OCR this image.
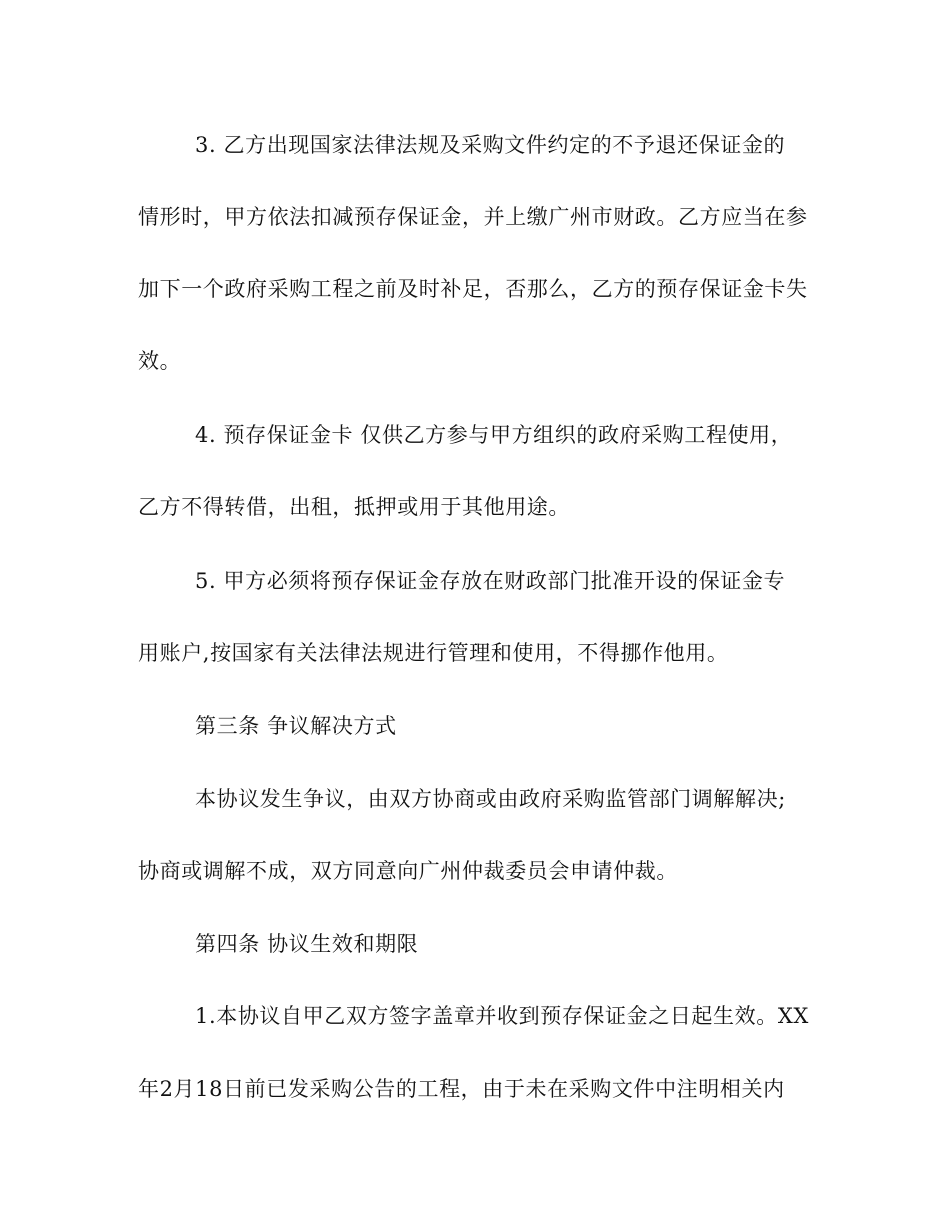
3. 乙方出现国家法律法规及采购文件约定的不予退还保证金的

情形时，甲方依法扣减预存保证金，并上缴广州市财政。乙方应当在参

加下一个政府采购工程之前及时补足，否那么，乙方的预存保证金卡失

效。

4. 预存保证金卡 仅供乙方参与甲方组织的政府采购工程使用，

乙方不得转借，出租，抵押或用于其他用途。

5. 甲方必须将预存保证金存放在财政部门批准开设的保证金专

用账户,按国家有关法律法规进行管理和使用，不得挪作他用。

第三条 争议解决方式

本协议发生争议，由双方协商或由政府采购监管部门调解解决;

协商或调解不成，双方同意向广州仲裁委员会申请仲裁。

第四条 协议生效和期限

1.本协议自甲乙双方签字盖章并收到预存保证金之日起生效。XX

年2月18日前已发采购公告的工程，由于未在采购文件中注明相关内
